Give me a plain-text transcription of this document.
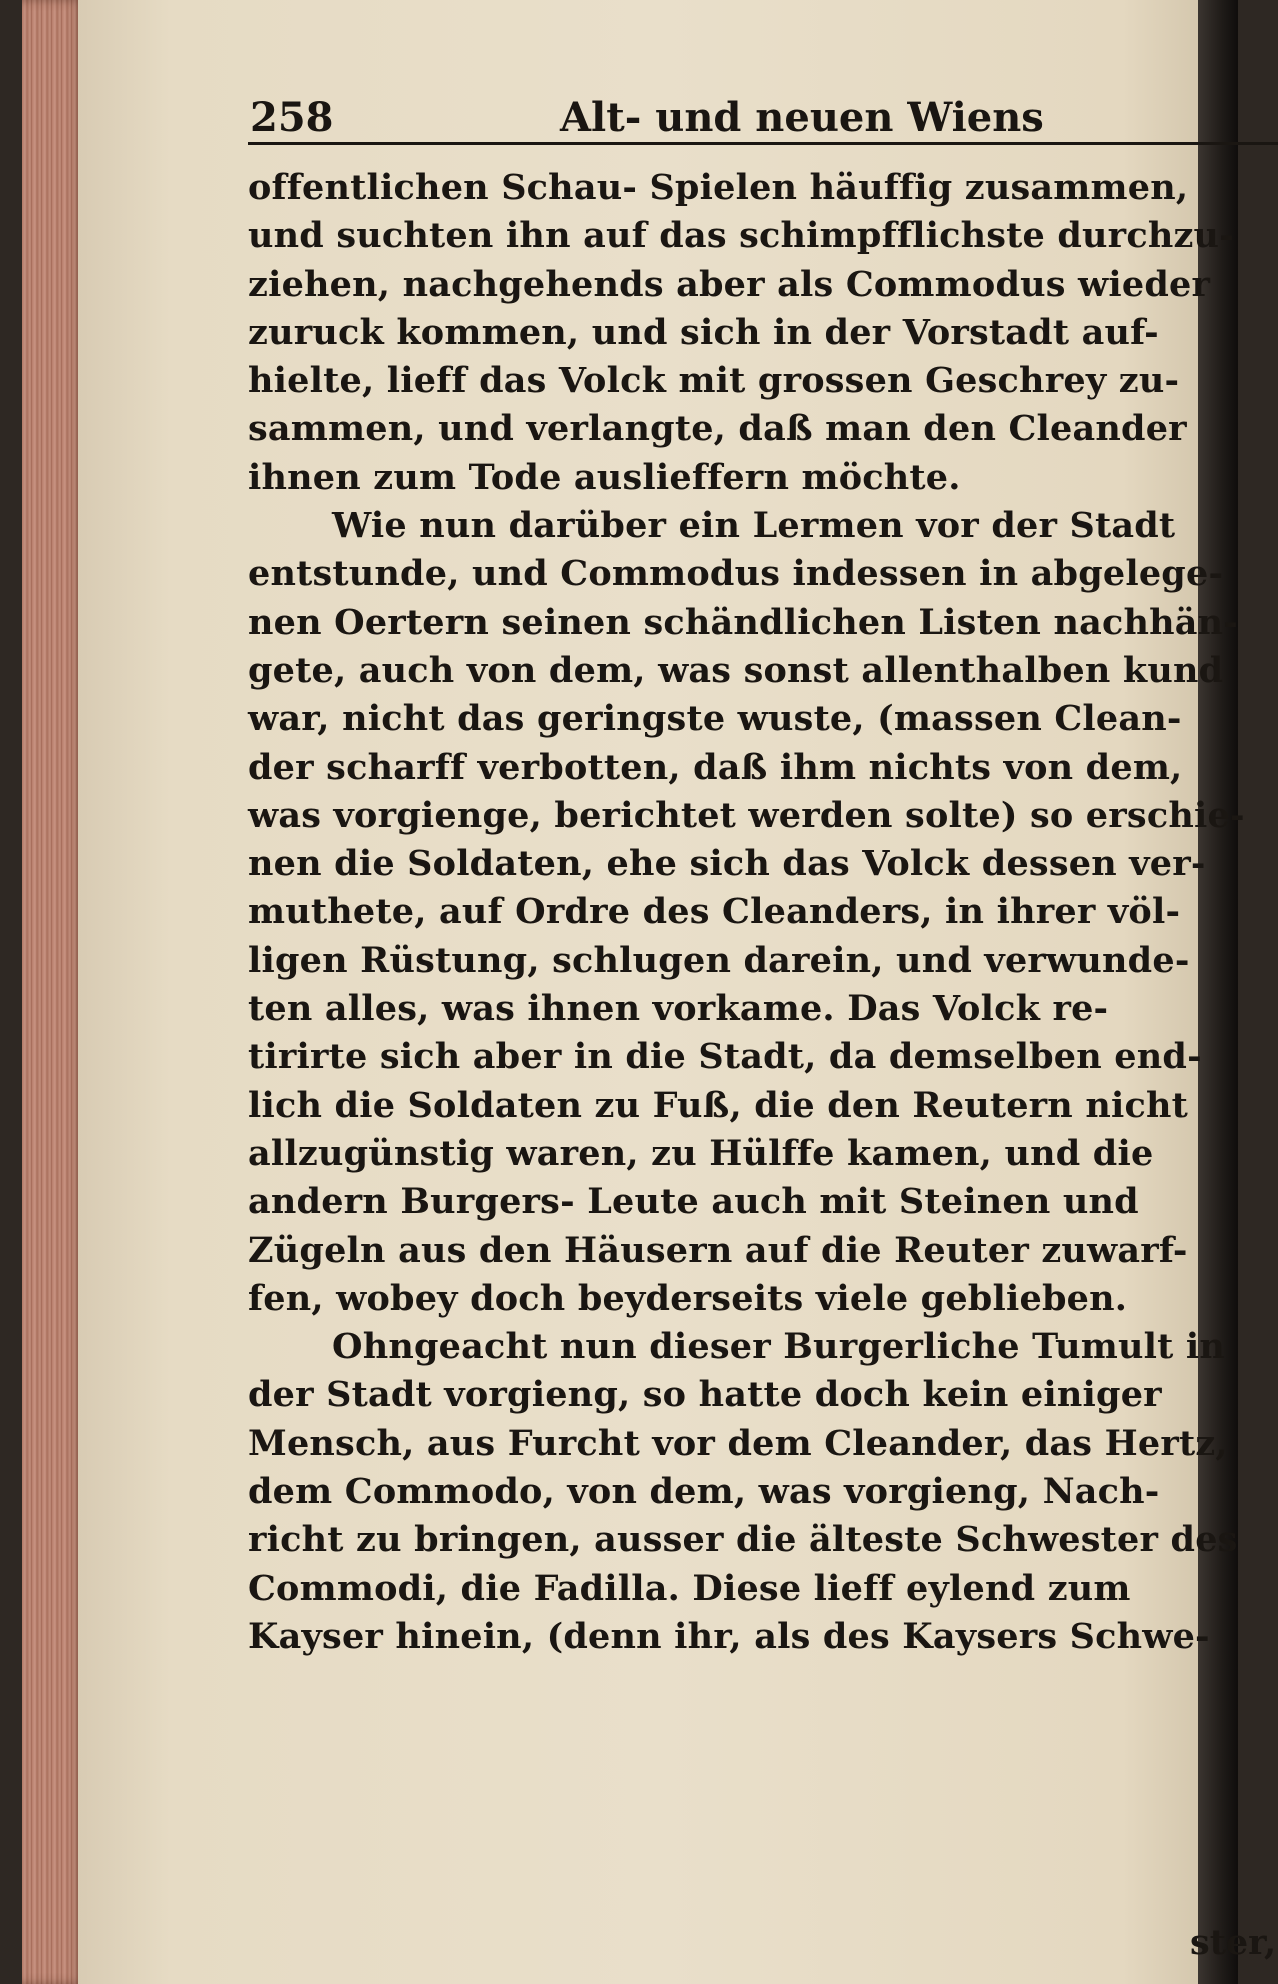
258	Alt- und neuen Wiens
offentlichen Schau- Spielen häuffig zusammen,
und suchten ihn auf das schimpfflichste durchzu-
ziehen, nachgehends aber als Commodus wieder
zuruck kommen, und sich in der Vorstadt auf-
hielte, lieff das Volck mit grossen Geschrey zu-
sammen, und verlangte, daß man den Cleander
ihnen zum Tode auslieffern möchte.
Wie nun darüber ein Lermen vor der Stadt
entstunde, und Commodus indessen in abgelege-
nen Oertern seinen schändlichen Listen nachhän-
gete, auch von dem, was sonst allenthalben kund
war, nicht das geringste wuste, (massen Clean-
der scharff verbotten, daß ihm nichts von dem,
was vorgienge, berichtet werden solte) so erschie-
nen die Soldaten, ehe sich das Volck dessen ver-
muthete, auf Ordre des Cleanders, in ihrer völ-
ligen Rüstung, schlugen darein, und verwunde-
ten alles, was ihnen vorkame. Das Volck re-
tirirte sich aber in die Stadt, da demselben end-
lich die Soldaten zu Fuß, die den Reutern nicht
allzugünstig waren, zu Hülffe kamen, und die
andern Burgers- Leute auch mit Steinen und
Zügeln aus den Häusern auf die Reuter zuwarf-
fen, wobey doch beyderseits viele geblieben.
Ohngeacht nun dieser Burgerliche Tumult in
der Stadt vorgieng, so hatte doch kein einiger
Mensch, aus Furcht vor dem Cleander, das Hertz,
dem Commodo, von dem, was vorgieng, Nach-
richt zu bringen, ausser die älteste Schwester des
Commodi, die Fadilla. Diese lieff eylend zum
Kayser hinein, (denn ihr, als des Kaysers Schwe-
ster,
